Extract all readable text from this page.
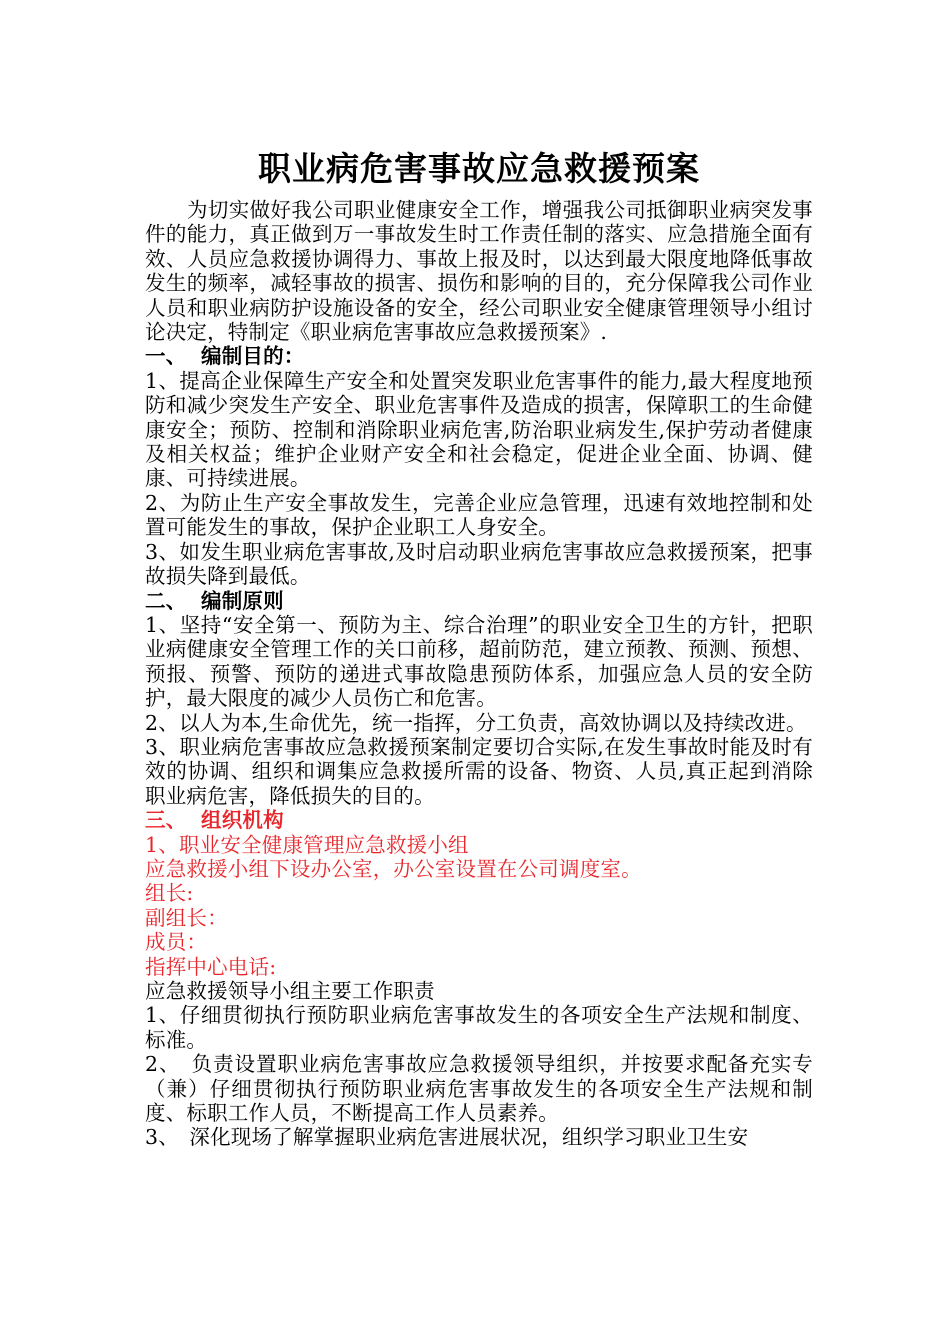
职业病危害事故应急救援预案

为切实做好我公司职业健康安全工作，增强我公司抵御职业病突发事件的能力，真正做到万一事故发生时工作责任制的落实、应急措施全面有效、人员应急救援协调得力、事故上报及时，以达到最大限度地降低事故发生的频率，减轻事故的损害、损伤和影响的目的，充分保障我公司作业人员和职业病防护设施设备的安全，经公司职业安全健康管理领导小组讨论决定，特制定《职业病危害事故应急救援预案》.

一、 编制目的：

1、提高企业保障生产安全和处置突发职业危害事件的能力,最大程度地预防和减少突发生产安全、职业危害事件及造成的损害，保障职工的生命健康安全；预防、控制和消除职业病危害,防治职业病发生,保护劳动者健康及相关权益；维护企业财产安全和社会稳定，促进企业全面、协调、健康、可持续进展。

2、为防止生产安全事故发生，完善企业应急管理，迅速有效地控制和处置可能发生的事故，保护企业职工人身安全。

3、如发生职业病危害事故,及时启动职业病危害事故应急救援预案，把事故损失降到最低。

二、 编制原则

1、坚持“安全第一、预防为主、综合治理”的职业安全卫生的方针，把职业病健康安全管理工作的关口前移，超前防范，建立预教、预测、预想、预报、预警、预防的递进式事故隐患预防体系，加强应急人员的安全防护，最大限度的减少人员伤亡和危害。

2、以人为本,生命优先，统一指挥，分工负责，高效协调以及持续改进。

3、职业病危害事故应急救援预案制定要切合实际,在发生事故时能及时有效的协调、组织和调集应急救援所需的设备、物资、人员,真正起到消除职业病危害，降低损失的目的。

三、 组织机构

1、职业安全健康管理应急救援小组

应急救援小组下设办公室，办公室设置在公司调度室。

组长:

副组长：

成员：

指挥中心电话:

应急救援领导小组主要工作职责

1、仔细贯彻执行预防职业病危害事故发生的各项安全生产法规和制度、标准。

2、　负责设置职业病危害事故应急救援领导组织，并按要求配备充实专（兼）仔细贯彻执行预防职业病危害事故发生的各项安全生产法规和制度、标职工作人员，不断提高工作人员素养。

3、　深化现场了解掌握职业病危害进展状况，组织学习职业卫生安
